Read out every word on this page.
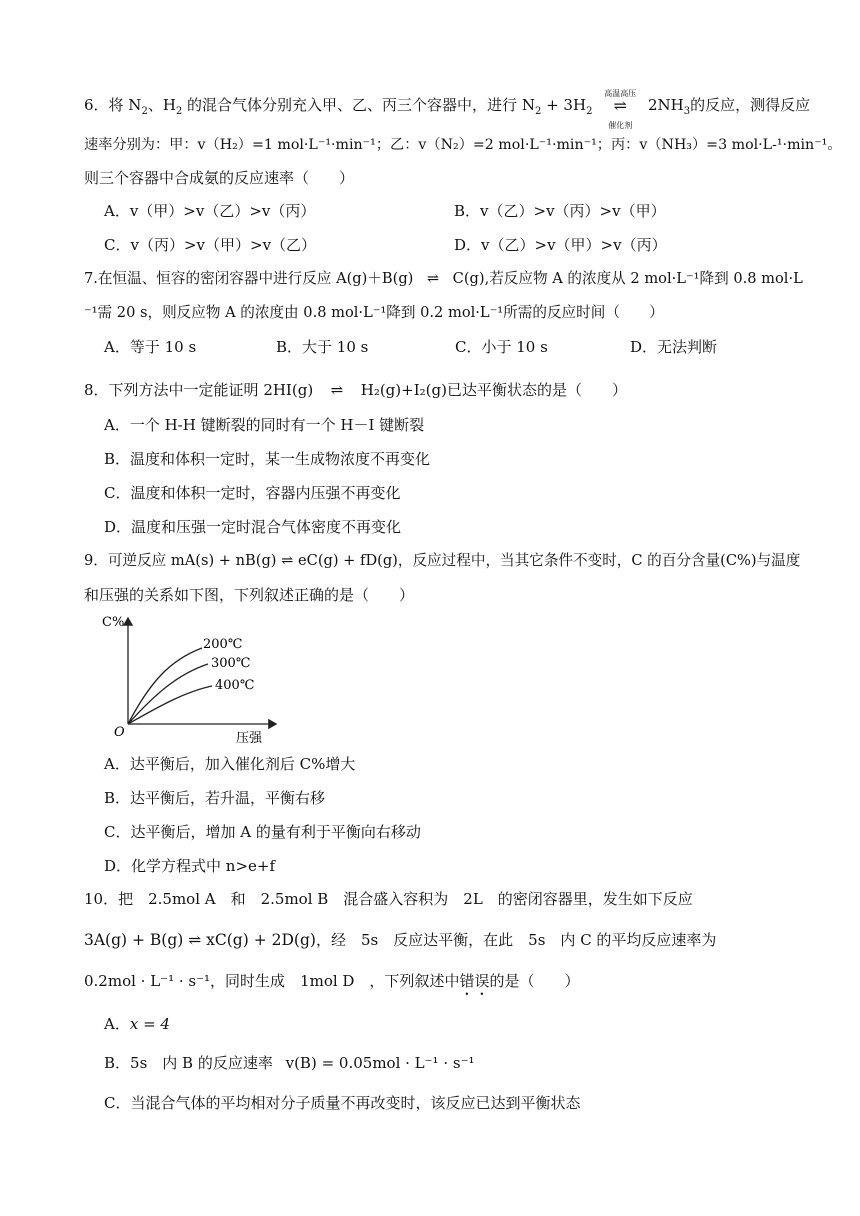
6．将 $N_2$、$H_2$ 的混合气体分别充入甲、乙、丙三个容器中，进行 $N_2 + 3H_2$
高温高压
⇌
催化剂
$2NH_3$的反应，测得反应
速率分别为：甲：v（H₂）=1 mol·L⁻¹·min⁻¹；乙：v（N₂）=2 mol·L⁻¹·min⁻¹；丙：v（NH₃）=3 mol·L-¹·min⁻¹。
则三个容器中合成氨的反应速率（　　）
A．v（甲）>v（乙）>v（丙）	B．v（乙）>v（丙）>v（甲）
C．v（丙）>v（甲）>v（乙）	D．v（乙）>v（甲）>v（丙）
7.在恒温、恒容的密闭容器中进行反应 A(g)＋B(g) ⇌ C(g),若反应物 A 的浓度从 2 mol·L⁻¹降到 0.8 mol·L
⁻¹需 20 s，则反应物 A 的浓度由 0.8 mol·L⁻¹降到 0.2 mol·L⁻¹所需的反应时间（　　）
A．等于 10 s	B．大于 10 s	C．小于 10 s	D．无法判断
8．下列方法中一定能证明 2HI(g) ⇌ H₂(g)+I₂(g)已达平衡状态的是（　　）
A．一个 H-H 键断裂的同时有一个 H－I 键断裂
B．温度和体积一定时，某一生成物浓度不再变化
C．温度和体积一定时，容器内压强不再变化
D．温度和压强一定时混合气体密度不再变化
9．可逆反应 mA(s) + nB(g) ⇌ eC(g) + fD(g)，反应过程中，当其它条件不变时，C 的百分含量(C%)与温度
和压强的关系如下图，下列叙述正确的是（　　）
C%
200℃
300℃
400℃
O	压强
A．达平衡后，加入催化剂后 C%增大
B．达平衡后，若升温，平衡右移
C．达平衡后，增加 A 的量有利于平衡向右移动
D．化学方程式中 n>e+f
10．把　2.5mol A　和　2.5mol B　混合盛入容积为　2L　的密闭容器里，发生如下反应
3A(g) + B(g) ⇌ xC(g) + 2D(g)，经　5s　反应达平衡，在此　5s　内 C 的平均反应速率为
0.2mol · L⁻¹ · s⁻¹，同时生成　1mol D　，下列叙述中错误的是（　　）
A．x = 4
B．5s　内 B 的反应速率 v(B) = 0.05mol · L⁻¹ · s⁻¹
C．当混合气体的平均相对分子质量不再改变时，该反应已达到平衡状态
